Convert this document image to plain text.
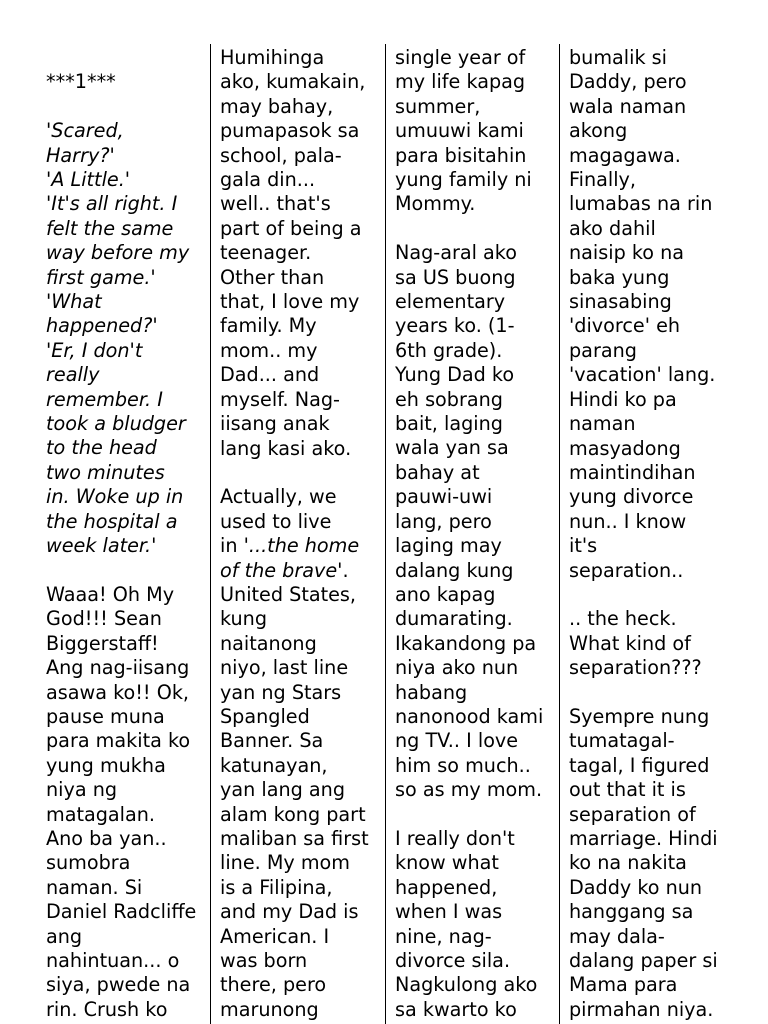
***1***

'Scared,

Harry?'

'A Little.'

'It's all right. I

felt the same

way before my

first game.'

'What

happened?'

'Er, I don't

really

remember. I

took a bludger

to the head

two minutes

in. Woke up in

the hospital a

week later.'

Waaa! Oh My

God!!! Sean

Biggerstaff!

Ang nag-iisang

asawa ko!! Ok,

pause muna

para makita ko

yung mukha

niya ng

matagalan.

Ano ba yan..

sumobra

naman. Si

Daniel Radcliffe

ang

nahintuan... o

siya, pwede na

rin. Crush ko

Humihinga

ako, kumakain,

may bahay,

pumapasok sa

school, pala-

gala din...

well.. that's

part of being a

teenager.

Other than

that, I love my

family. My

mom.. my

Dad... and

myself. Nag-

iisang anak

lang kasi ako.

Actually, we

used to live

in '...the home

of the brave'.

United States,

kung

naitanong

niyo, last line

yan ng Stars

Spangled

Banner. Sa

katunayan,

yan lang ang

alam kong part

maliban sa first

line. My mom

is a Filipina,

and my Dad is

American. I

was born

there, pero

marunong

single year of

my life kapag

summer,

umuuwi kami

para bisitahin

yung family ni

Mommy.

Nag-aral ako

sa US buong

elementary

years ko. (1-

6th grade).

Yung Dad ko

eh sobrang

bait, laging

wala yan sa

bahay at

pauwi-uwi

lang, pero

laging may

dalang kung

ano kapag

dumarating.

Ikakandong pa

niya ako nun

habang

nanonood kami

ng TV.. I love

him so much..

so as my mom.

I really don't

know what

happened,

when I was

nine, nag-

divorce sila.

Nagkulong ako

sa kwarto ko

bumalik si

Daddy, pero

wala naman

akong

magagawa.

Finally,

lumabas na rin

ako dahil

naisip ko na

baka yung

sinasabing

'divorce' eh

parang

'vacation' lang.

Hindi ko pa

naman

masyadong

maintindihan

yung divorce

nun.. I know

it's

separation..

.. the heck.

What kind of

separation???

Syempre nung

tumatagal-

tagal, I figured

out that it is

separation of

marriage. Hindi

ko na nakita

Daddy ko nun

hanggang sa

may dala-

dalang paper si

Mama para

pirmahan niya.
